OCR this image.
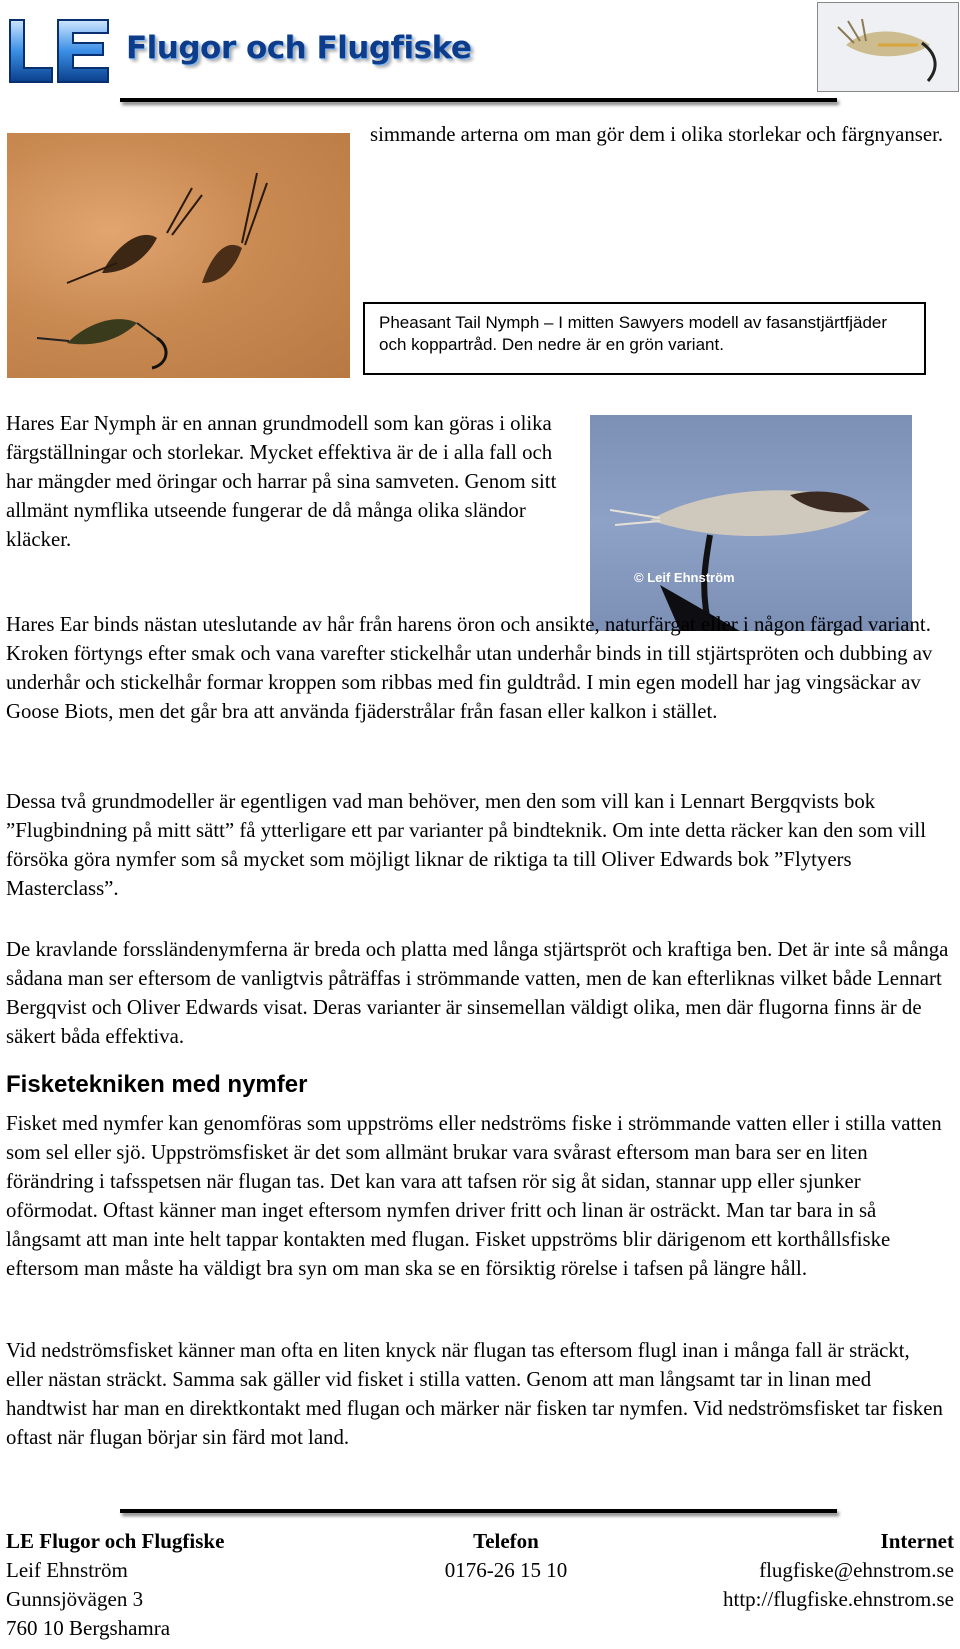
Flugor och Flugfiske

simmande arterna om man gör dem i olika storlekar och färgnyanser.

Pheasant Tail Nymph – I mitten Sawyers modell av fasanstjärtfjäder och koppartråd. Den nedre är en grön variant.

Hares Ear Nymph är en annan grundmodell som kan göras i olika färgställningar och storlekar. Mycket effektiva är de i alla fall och har mängder med öringar och harrar på sina samveten. Genom sitt allmänt nymflika utseende fungerar de då många olika sländor kläcker.

© Leif Ehnström

Hares Ear binds nästan uteslutande av hår från harens öron och ansikte, naturfärgat eller i någon färgad variant. Kroken förtyngs efter smak och vana varefter stickelhår utan underhår binds in till stjärtspröten och dubbing av underhår och stickelhår formar kroppen som ribbas med fin guldtråd. I min egen modell har jag vingsäckar av Goose Biots, men det går bra att använda fjäderstrålar från fasan eller kalkon i stället.

Dessa två grundmodeller är egentligen vad man behöver, men den som vill kan i Lennart Bergqvists bok ”Flugbindning på mitt sätt” få ytterligare ett par varianter på bindteknik. Om inte detta räcker kan den som vill försöka göra nymfer som så mycket som möjligt liknar de riktiga ta till Oliver Edwards bok ”Flytyers Masterclass”.

De kravlande forssländenymferna är breda och platta med långa stjärtspröt och kraftiga ben. Det är inte så många sådana man ser eftersom de vanligtvis påträffas i strömmande vatten, men de kan efterliknas vilket både Lennart Bergqvist och Oliver Edwards visat. Deras varianter är sinsemellan väldigt olika, men där flugorna finns är de säkert båda effektiva.

Fisketekniken med nymfer

Fisket med nymfer kan genomföras som uppströms eller nedströms fiske i strömmande vatten eller i stilla vatten som sel eller sjö. Uppströmsfisket är det som allmänt brukar vara svårast eftersom man bara ser en liten förändring i tafsspetsen när flugan tas. Det kan vara att tafsen rör sig åt sidan, stannar upp eller sjunker oförmodat. Oftast känner man inget eftersom nymfen driver fritt och linan är osträckt. Man tar bara in så långsamt att man inte helt tappar kontakten med flugan. Fisket uppströms blir därigenom ett korthållsfiske eftersom man måste ha väldigt bra syn om man ska se en försiktig rörelse i tafsen på längre håll.

Vid nedströmsfisket känner man ofta en liten knyck när flugan tas eftersom flugl inan i många fall är sträckt, eller nästan sträckt. Samma sak gäller vid fisket i stilla vatten. Genom att man långsamt tar in linan med handtwist har man en direktkontakt med flugan och märker när fisken tar nymfen. Vid nedströmsfisket tar fisken oftast när flugan börjar sin färd mot land.

LE Flugor och Flugfiske
Leif Ehnström
Gunnsjövägen 3
760 10 Bergshamra
Telefon
0176-26 15 10
Internet
flugfiske@ehnstrom.se
http://flugfiske.ehnstrom.se
